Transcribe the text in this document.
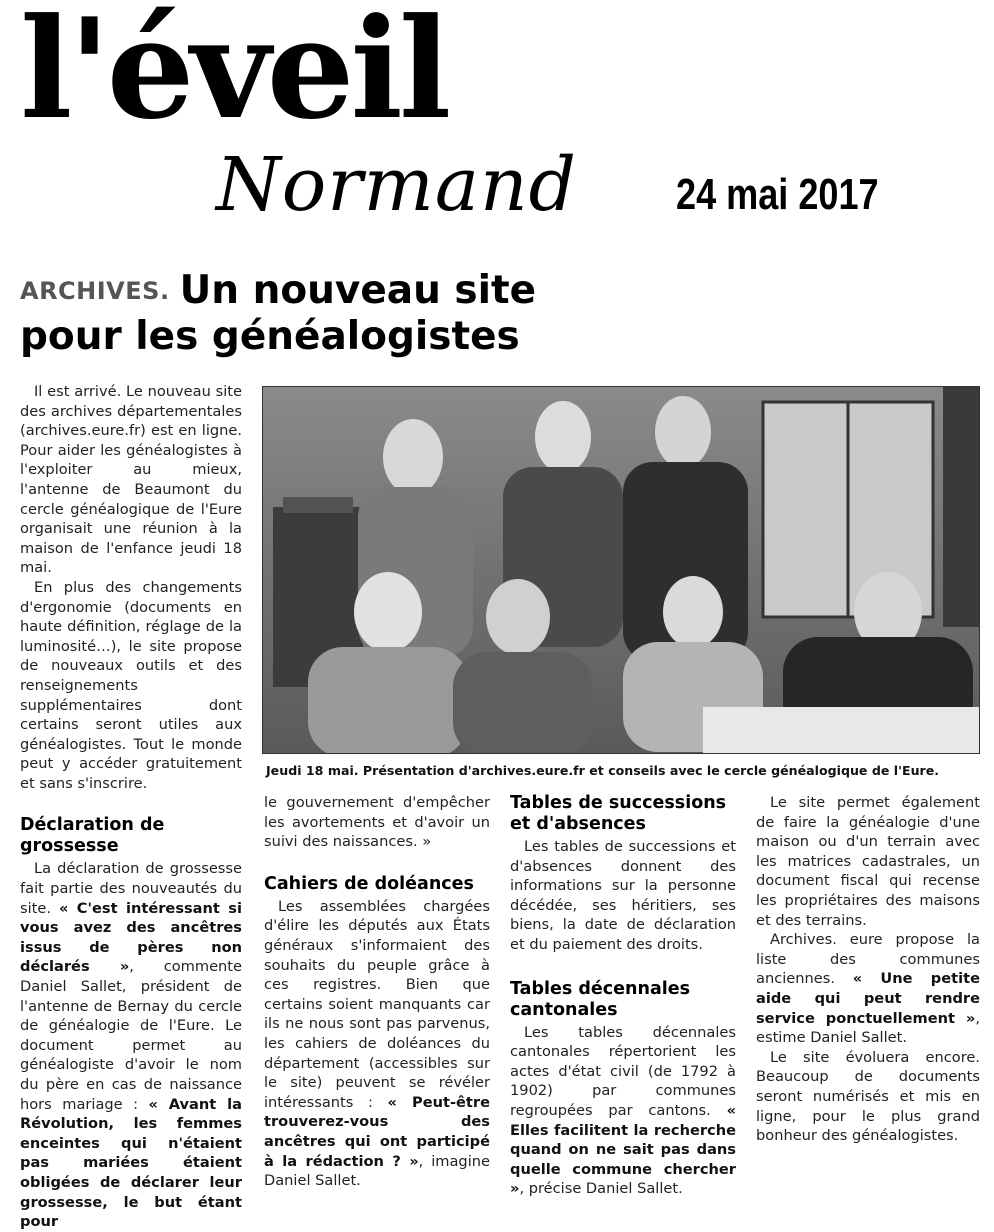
l'éveil
Normand 24 mai 2017
ARCHIVES. Un nouveau site
pour les généalogistes

Il est arrivé. Le nouveau site des archives départementales (archives.eure.fr) est en ligne. Pour aider les généalogistes à l'exploiter au mieux, l'antenne de Beaumont du cercle généalogique de l'Eure organisait une réunion à la maison de l'enfance jeudi 18 mai.

En plus des changements d'ergonomie (documents en haute définition, réglage de la luminosité…), le site propose de nouveaux outils et des renseignements supplémentaires dont certains seront utiles aux généalogistes. Tout le monde peut y accéder gratuitement et sans s'inscrire.

Déclaration de grossesse

La déclaration de grossesse fait partie des nouveautés du site. « C'est intéressant si vous avez des ancêtres issus de pères non déclarés », commente Daniel Sallet, président de l'antenne de Bernay du cercle de généalogie de l'Eure. Le document permet au généalogiste d'avoir le nom du père en cas de naissance hors mariage : « Avant la Révolution, les femmes enceintes qui n'étaient pas mariées étaient obligées de déclarer leur grossesse, le but étant pour

Jeudi 18 mai. Présentation d'archives.eure.fr et conseils avec le cercle généalogique de l'Eure.

le gouvernement d'empêcher les avortements et d'avoir un suivi des naissances. »

Cahiers de doléances

Les assemblées chargées d'élire les députés aux États généraux s'informaient des souhaits du peuple grâce à ces registres. Bien que certains soient manquants car ils ne nous sont pas parvenus, les cahiers de doléances du département (accessibles sur le site) peuvent se révéler intéressants : « Peut-être trouverez-vous des ancêtres qui ont participé à la rédaction ? », imagine Daniel Sallet.

Tables de successions et d'absences

Les tables de successions et d'absences donnent des informations sur la personne décédée, ses héritiers, ses biens, la date de déclaration et du paiement des droits.

Tables décennales cantonales

Les tables décennales cantonales répertorient les actes d'état civil (de 1792 à 1902) par communes regroupées par cantons. « Elles facilitent la recherche quand on ne sait pas dans quelle commune chercher », précise Daniel Sallet.

Le site permet également de faire la généalogie d'une maison ou d'un terrain avec les matrices cadastrales, un document fiscal qui recense les propriétaires des maisons et des terrains.

Archives. eure propose la liste des communes anciennes. « Une petite aide qui peut rendre service ponctuellement », estime Daniel Sallet.

Le site évoluera encore. Beaucoup de documents seront numérisés et mis en ligne, pour le plus grand bonheur des généalogistes.
